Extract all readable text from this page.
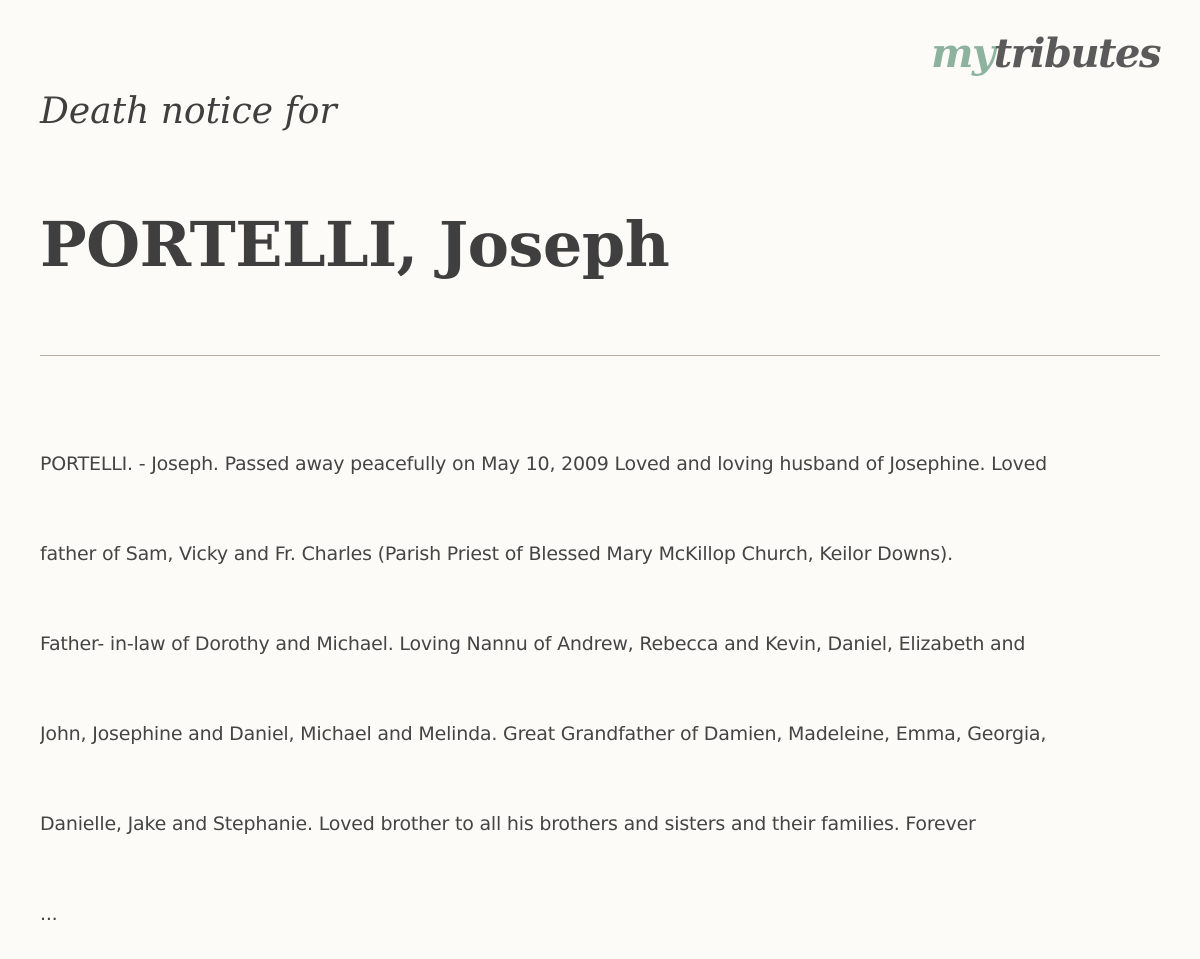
mytributes
Death notice for
PORTELLI, Joseph

PORTELLI. - Joseph. Passed away peacefully on May 10, 2009 Loved and loving husband of Josephine. Loved

father of Sam, Vicky and Fr. Charles (Parish Priest of Blessed Mary McKillop Church, Keilor Downs).

Father- in-law of Dorothy and Michael. Loving Nannu of Andrew, Rebecca and Kevin, Daniel, Elizabeth and

John, Josephine and Daniel, Michael and Melinda. Great Grandfather of Damien, Madeleine, Emma, Georgia,

Danielle, Jake and Stephanie. Loved brother to all his brothers and sisters and their families. Forever

...
